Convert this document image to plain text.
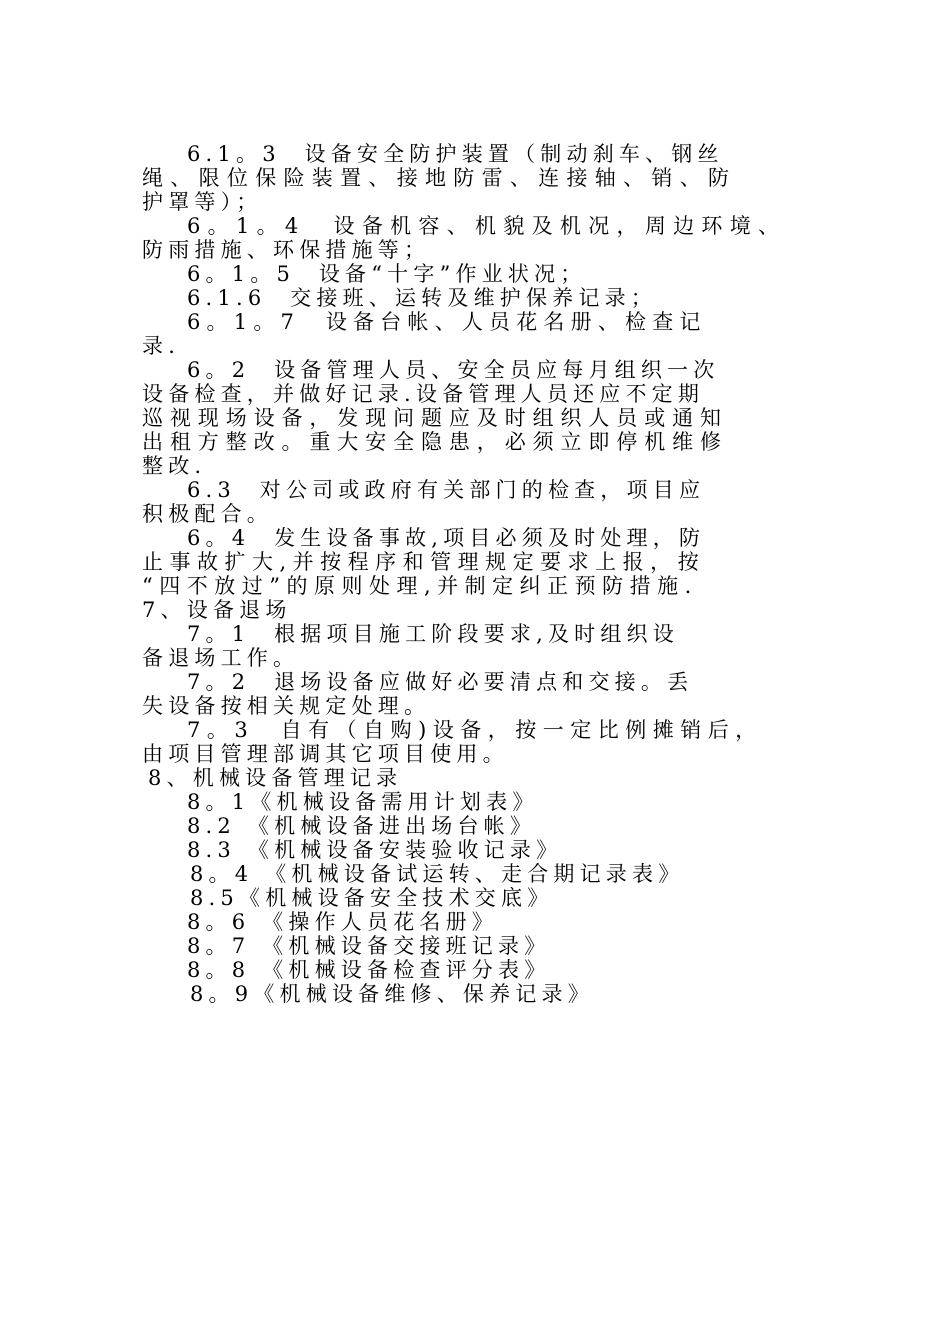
6.1。3  设备安全防护装置（制动刹车、钢丝

绳、限位保险装置、接地防雷、连接轴、销、防

护罩等）；

6。1。4  设备机容、机貌及机况，周边环境、

防雨措施、环保措施等；

6。1。5  设备“十字”作业状况；

6.1.6  交接班、运转及维护保养记录；

6。1。7  设备台帐、人员花名册、检查记

录.

6。2  设备管理人员、安全员应每月组织一次

设备检查，并做好记录.设备管理人员还应不定期

巡视现场设备，发现问题应及时组织人员或通知

出租方整改。重大安全隐患，必须立即停机维修

整改.

6.3  对公司或政府有关部门的检查，项目应

积极配合。

6。4  发生设备事故,项目必须及时处理，防

止事故扩大,并按程序和管理规定要求上报，按

“四不放过”的原则处理,并制定纠正预防措施.

7、设备退场

7。1  根据项目施工阶段要求,及时组织设

备退场工作。

7。2  退场设备应做好必要清点和交接。丢

失设备按相关规定处理。

7。3  自有（自购)设备，按一定比例摊销后，

由项目管理部调其它项目使用。

8、机械设备管理记录

8。1《机械设备需用计划表》

8.2 《机械设备进出场台帐》

8.3 《机械设备安装验收记录》

8。4 《机械设备试运转、走合期记录表》

8.5《机械设备安全技术交底》

8。6 《操作人员花名册》

8。7 《机械设备交接班记录》

8。8 《机械设备检查评分表》

8。9《机械设备维修、保养记录》
